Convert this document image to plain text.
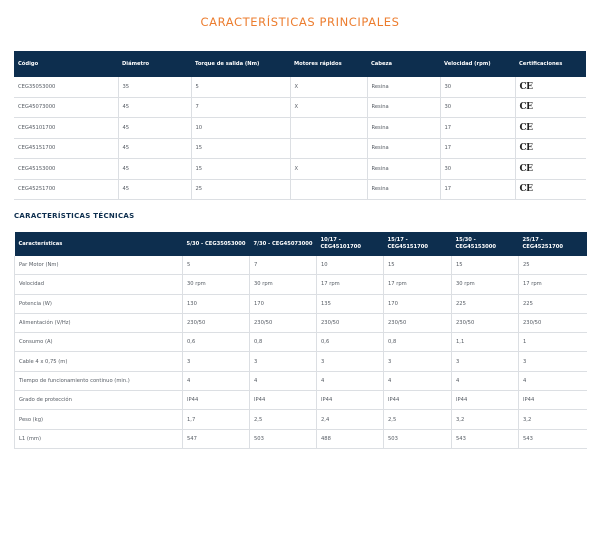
CARACTERÍSTICAS PRINCIPALES
Código	Diámetro	Torque de salida (Nm)	Motores rápidos	Cabeza	Velocidad (rpm)	Certificaciones
CEG35053000	35	5	X	Resina	30	CE
CEG45073000	45	7	X	Resina	30	CE
CEG45101700	45	10		Resina	17	CE
CEG45151700	45	15		Resina	17	CE
CEG45153000	45	15	X	Resina	30	CE
CEG45251700	45	25		Resina	17	CE
CARACTERÍSTICAS TÉCNICAS
Características	5/30 - CEG35053000	7/30 - CEG45073000	10/17 - CEG45101700	15/17 - CEG45151700	15/30 - CEG45153000	25/17 - CEG45251700
Par Motor (Nm)	5	7	10	15	15	25
Velocidad	30 rpm	30 rpm	17 rpm	17 rpm	30 rpm	17 rpm
Potencia (W)	130	170	135	170	225	225
Alimentación (V/Hz)	230/50	230/50	230/50	230/50	230/50	230/50
Consumo (A)	0,6	0,8	0,6	0,8	1,1	1
Cable 4 x 0,75 (m)	3	3	3	3	3	3
Tiempo de funcionamiento continuo (min.)	4	4	4	4	4	4
Grado de protección	IP44	IP44	IP44	IP44	IP44	IP44
Peso (kg)	1,7	2,5	2,4	2,5	3,2	3,2
L1 (mm)	547	503	488	503	543	543
